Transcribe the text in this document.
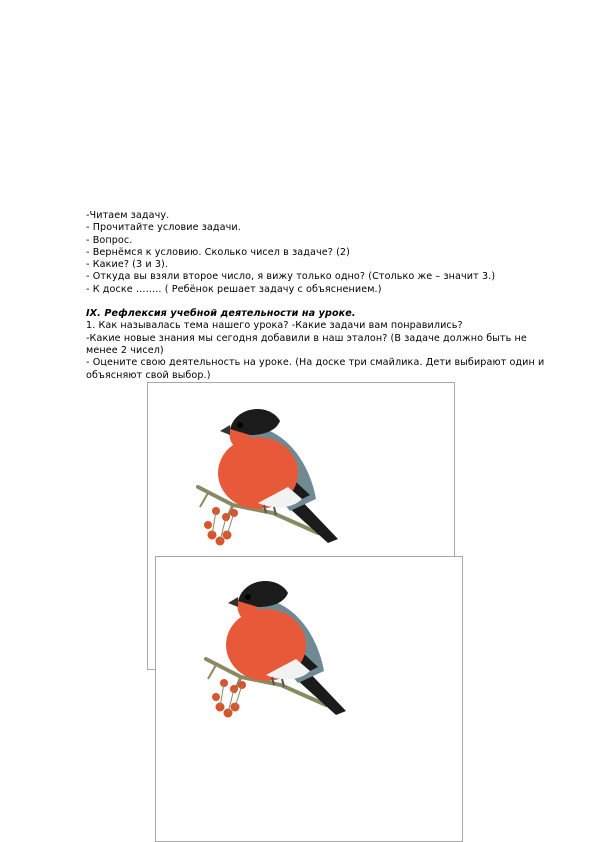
-Читаем задачу.
- Прочитайте условие задачи.
- Вопрос.
- Вернёмся к условию. Сколько чисел в задаче? (2)
- Какие? (3 и 3).
- Откуда вы взяли второе число, я вижу только одно? (Столько же – значит 3.)
- К доске …….. ( Ребёнок решает задачу с объяснением.)
IX. Рефлексия учебной деятельности на уроке.
1. Как называлась тема нашего урока? -Какие задачи вам понравились?
-Какие новые знания мы сегодня добавили в наш эталон? (В задаче должно быть не менее 2 чисел)
- Оцените свою деятельность на уроке. (На доске три смайлика. Дети выбирают один и объясняют свой выбор.)
